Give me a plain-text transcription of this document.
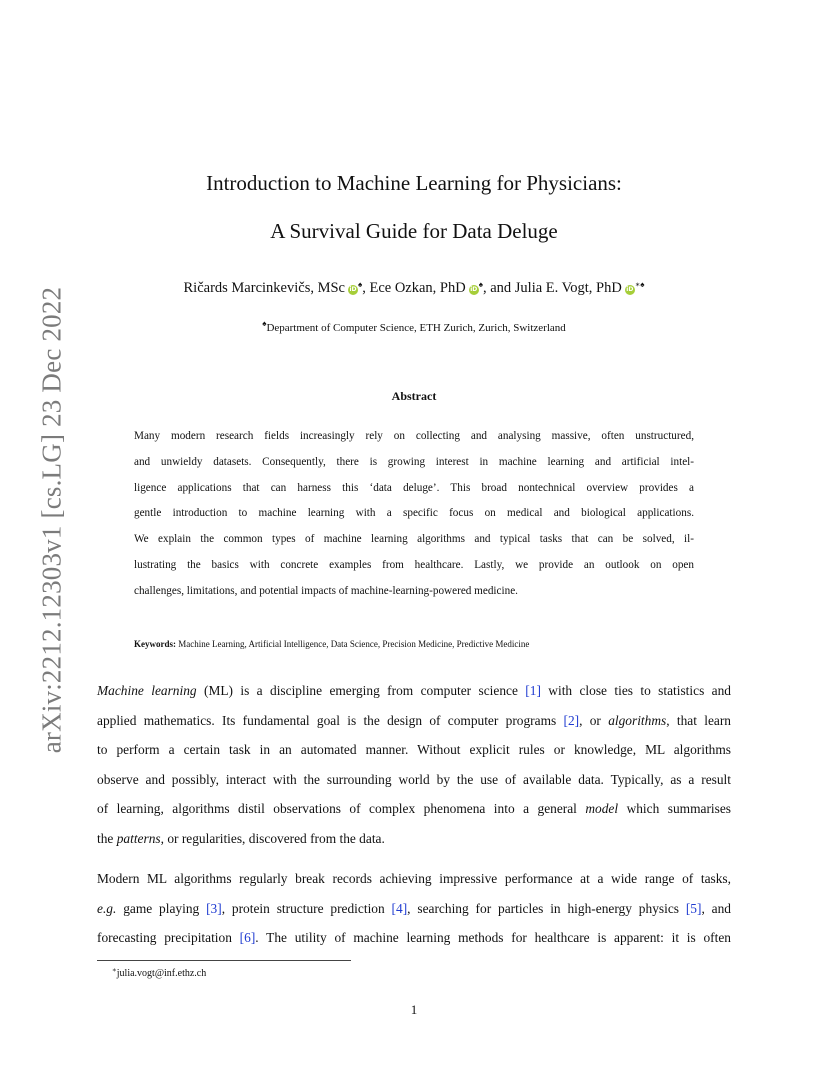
arXiv:2212.12303v1 [cs.LG] 23 Dec 2022
Introduction to Machine Learning for Physicians:
A Survival Guide for Data Deluge
Ričards Marcinkevičs, MSc iD♠, Ece Ozkan, PhD iD♠, and Julia E. Vogt, PhD iD∗♠
♠Department of Computer Science, ETH Zurich, Zurich, Switzerland
Abstract
Many modern research fields increasingly rely on collecting and analysing massive, often unstructured,
and unwieldy datasets. Consequently, there is growing interest in machine learning and artificial intel-
ligence applications that can harness this ‘data deluge’. This broad nontechnical overview provides a
gentle introduction to machine learning with a specific focus on medical and biological applications.
We explain the common types of machine learning algorithms and typical tasks that can be solved, il-
lustrating the basics with concrete examples from healthcare. Lastly, we provide an outlook on open
challenges, limitations, and potential impacts of machine-learning-powered medicine.
Keywords: Machine Learning, Artificial Intelligence, Data Science, Precision Medicine, Predictive Medicine
Machine learning (ML) is a discipline emerging from computer science [1] with close ties to statistics and
applied mathematics. Its fundamental goal is the design of computer programs [2], or algorithms, that learn
to perform a certain task in an automated manner. Without explicit rules or knowledge, ML algorithms
observe and possibly, interact with the surrounding world by the use of available data. Typically, as a result
of learning, algorithms distil observations of complex phenomena into a general model which summarises
the patterns, or regularities, discovered from the data.
Modern ML algorithms regularly break records achieving impressive performance at a wide range of tasks,
e.g. game playing [3], protein structure prediction [4], searching for particles in high-energy physics [5], and
forecasting precipitation [6]. The utility of machine learning methods for healthcare is apparent: it is often
∗julia.vogt@inf.ethz.ch
1
